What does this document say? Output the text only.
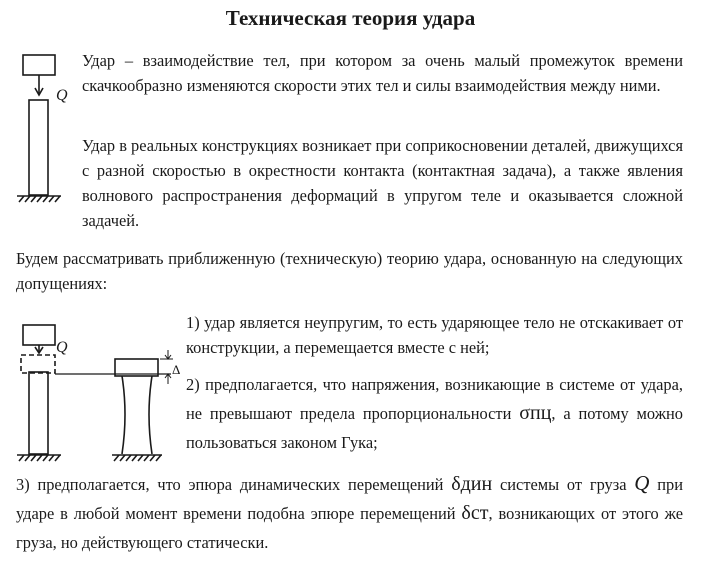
Техническая теория удара
Q
Удар – взаимодействие тел, при котором за очень малый промежуток времени скачкообразно изменяются скорости этих тел и силы взаимодействия между ними.
Удар в реальных конструкциях возникает при соприкосновении деталей, движущихся с разной скоростью в окрестности контакта (контактная задача), а также явления волнового распространения деформаций в упругом теле и оказывается сложной задачей.
Будем рассматривать приближенную (техническую) теорию удара, основанную на следующих допущениях:
Q
Δ
1) удар является неупругим, то есть ударяющее тело не отскакивает от конструкции, а перемещается вместе с ней;
2) предполагается, что напряжения, возникающие в системе от удара, не превышают предела пропорциональности σпц, а потому можно пользоваться законом Гука;
3) предполагается, что эпюра динамических перемещений δдин системы от груза Q при ударе в любой момент времени подобна эпюре перемещений δст, возникающих от этого же груза, но действующего статически.
